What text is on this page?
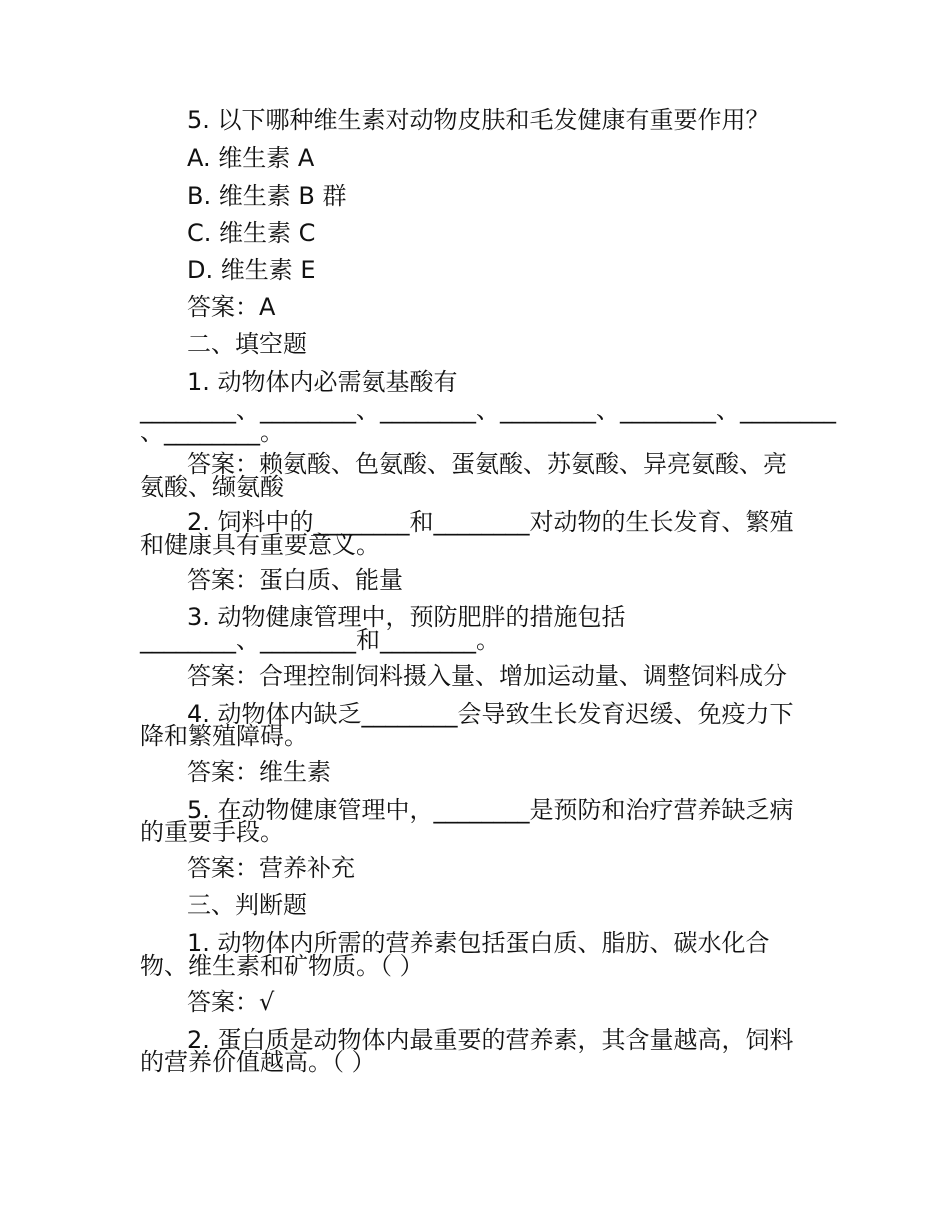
5. 以下哪种维生素对动物皮肤和毛发健康有重要作用？
A. 维生素 A
B. 维生素 B 群
C. 维生素 C
D. 维生素 E
答案：A
二、填空题
1. 动物体内必需氨基酸有
________、________、________、________、________、________
、________。
答案：赖氨酸、色氨酸、蛋氨酸、苏氨酸、异亮氨酸、亮
氨酸、缬氨酸
2. 饲料中的________和________对动物的生长发育、繁殖
和健康具有重要意义。
答案：蛋白质、能量
3. 动物健康管理中，预防肥胖的措施包括
________、________和________。
答案：合理控制饲料摄入量、增加运动量、调整饲料成分
4. 动物体内缺乏________会导致生长发育迟缓、免疫力下
降和繁殖障碍。
答案：维生素
5. 在动物健康管理中，________是预防和治疗营养缺乏病
的重要手段。
答案：营养补充
三、判断题
1. 动物体内所需的营养素包括蛋白质、脂肪、碳水化合
物、维生素和矿物质。（ ）
答案：√
2. 蛋白质是动物体内最重要的营养素，其含量越高，饲料
的营养价值越高。（ ）
